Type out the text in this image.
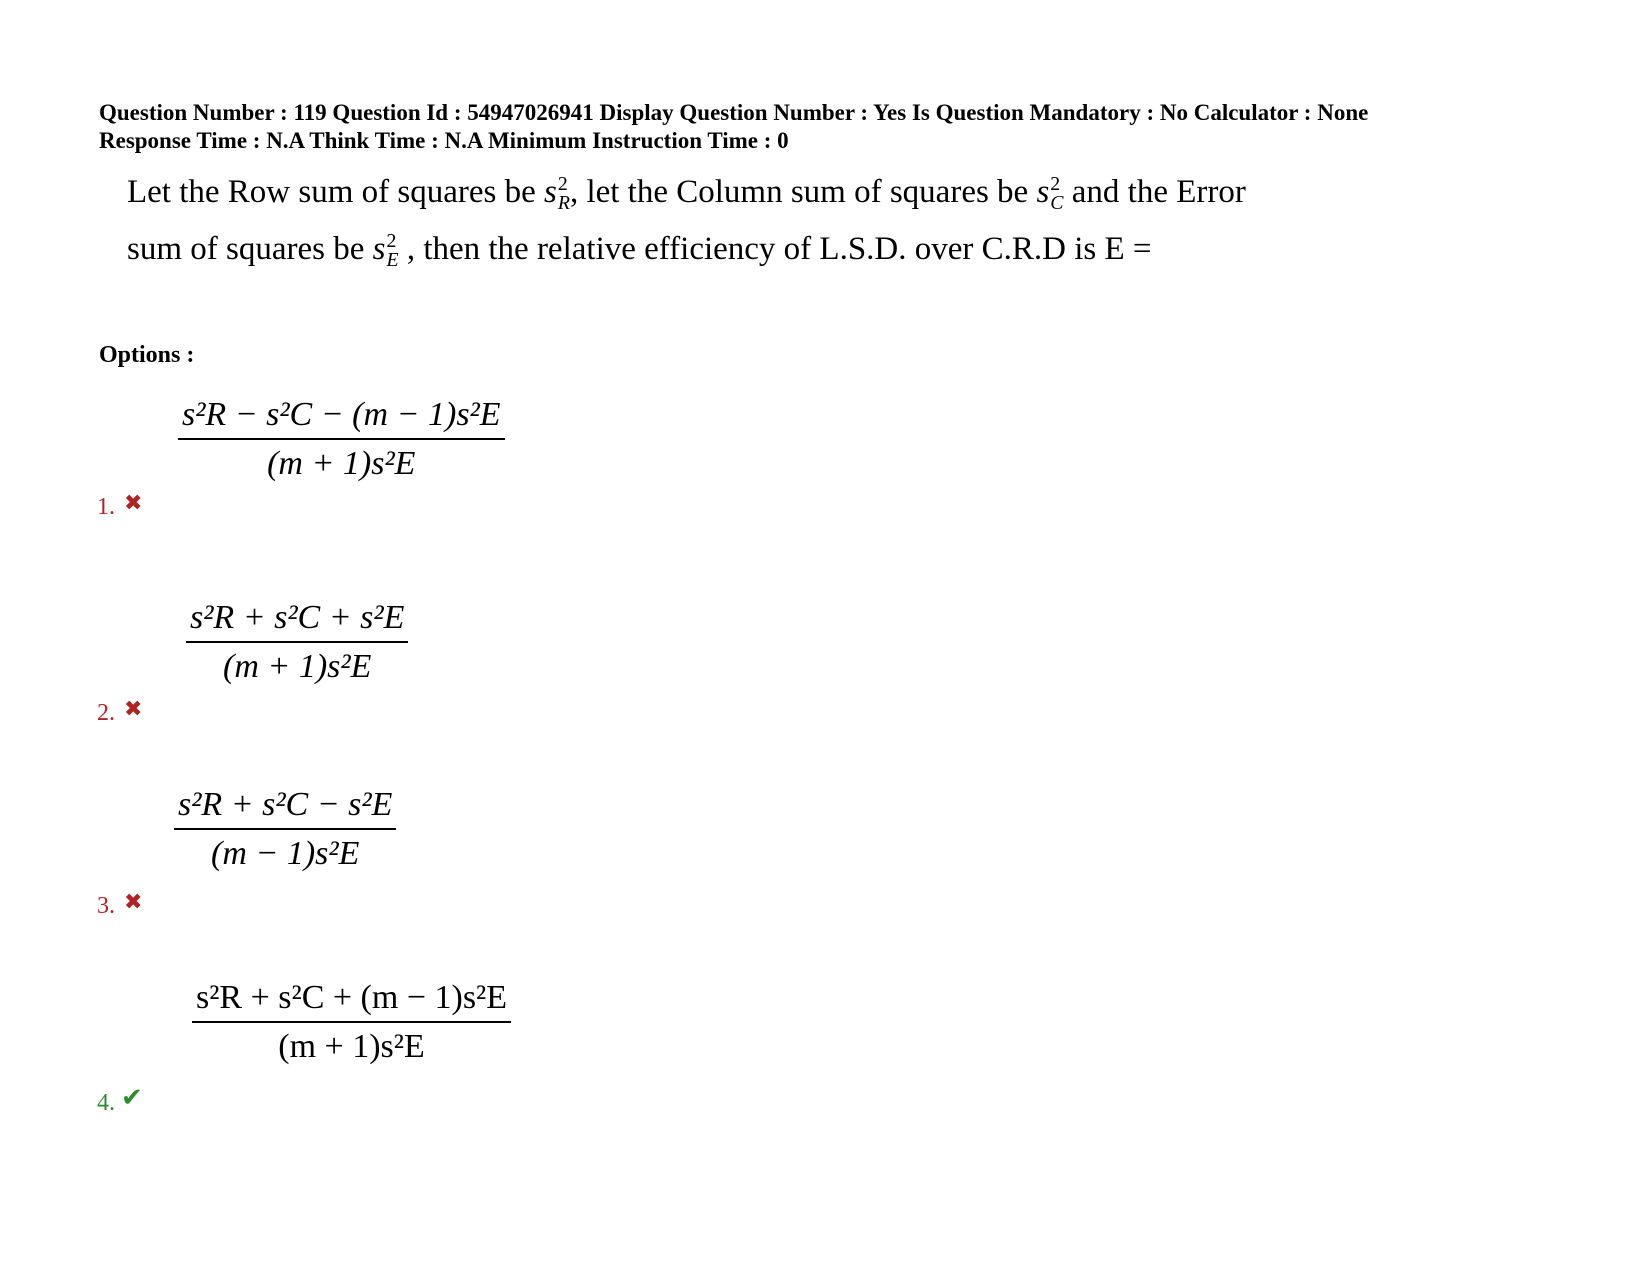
Question Number : 119 Question Id : 54947026941 Display Question Number : Yes Is Question Mandatory : No Calculator : None
Response Time : N.A Think Time : N.A Minimum Instruction Time : 0
Let the Row sum of squares be s 2
R , let the Column sum of squares be s 2
C and the Error
sum of squares be s 2
E , then the relative efficiency of L.S.D. over C.R.D is E =
Options :
s²R − s²C − (m − 1)s²E
(m + 1)s²E
1. ✖
s²R + s²C + s²E
(m + 1)s²E
2. ✖
s²R + s²C − s²E
(m − 1)s²E
3. ✖
s²R + s²C + (m − 1)s²E
(m + 1)s²E
4. ✔
